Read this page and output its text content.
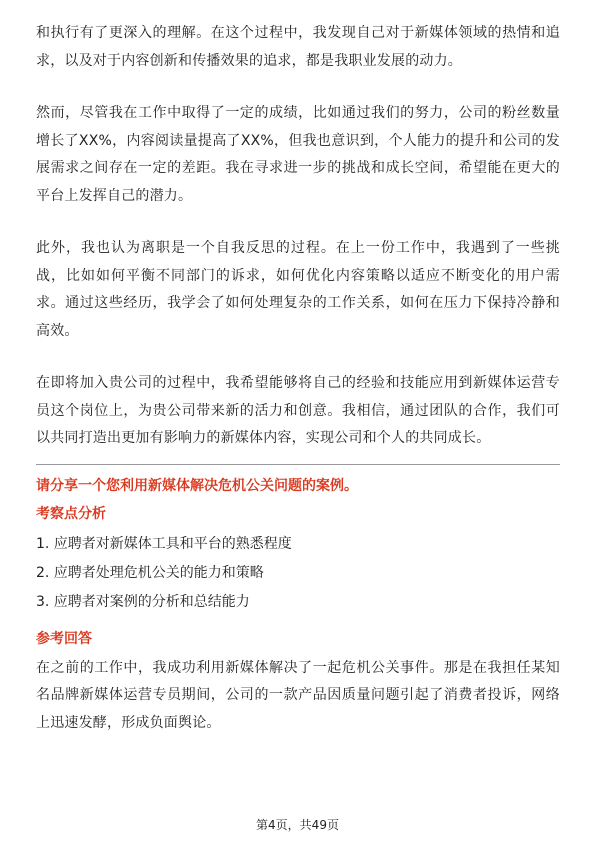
和执行有了更深入的理解。在这个过程中，我发现自己对于新媒体领域的热情和追求，以及对于内容创新和传播效果的追求，都是我职业发展的动力。

然而，尽管我在工作中取得了一定的成绩，比如通过我们的努力，公司的粉丝数量增长了XX%，内容阅读量提高了XX%，但我也意识到，个人能力的提升和公司的发展需求之间存在一定的差距。我在寻求进一步的挑战和成长空间，希望能在更大的平台上发挥自己的潜力。

此外，我也认为离职是一个自我反思的过程。在上一份工作中，我遇到了一些挑战，比如如何平衡不同部门的诉求，如何优化内容策略以适应不断变化的用户需求。通过这些经历，我学会了如何处理复杂的工作关系，如何在压力下保持冷静和高效。

在即将加入贵公司的过程中，我希望能够将自己的经验和技能应用到新媒体运营专员这个岗位上，为贵公司带来新的活力和创意。我相信，通过团队的合作，我们可以共同打造出更加有影响力的新媒体内容，实现公司和个人的共同成长。

请分享一个您利用新媒体解决危机公关问题的案例。
考察点分析
1. 应聘者对新媒体工具和平台的熟悉程度
2. 应聘者处理危机公关的能力和策略
3. 应聘者对案例的分析和总结能力
参考回答

在之前的工作中，我成功利用新媒体解决了一起危机公关事件。那是在我担任某知名品牌新媒体运营专员期间，公司的一款产品因质量问题引起了消费者投诉，网络上迅速发酵，形成负面舆论。

第4页，共49页
